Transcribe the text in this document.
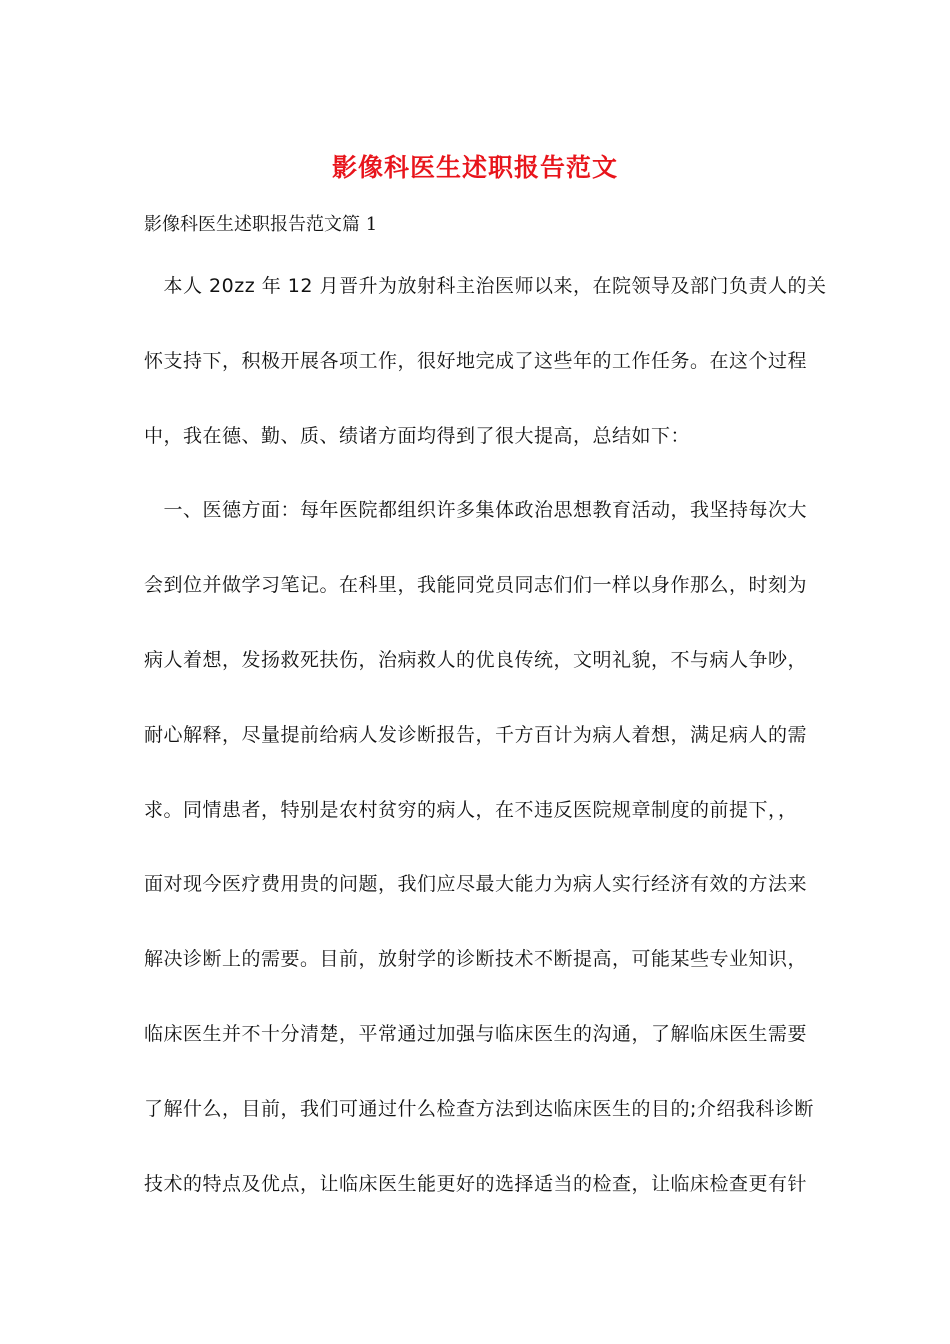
影像科医生述职报告范文
影像科医生述职报告范文篇 1
　本人 20zz 年 12 月晋升为放射科主治医师以来，在院领导及部门负责人的关
怀支持下，积极开展各项工作，很好地完成了这些年的工作任务。在这个过程
中，我在德、勤、质、绩诸方面均得到了很大提高，总结如下：
　一、医德方面：每年医院都组织许多集体政治思想教育活动，我坚持每次大
会到位并做学习笔记。在科里，我能同党员同志们们一样以身作那么，时刻为
病人着想，发扬救死扶伤，治病救人的优良传统，文明礼貌，不与病人争吵，
耐心解释，尽量提前给病人发诊断报告，千方百计为病人着想，满足病人的需
求。同情患者，特别是农村贫穷的病人，在不违反医院规章制度的前提下，，
面对现今医疗费用贵的问题，我们应尽最大能力为病人实行经济有效的方法来
解决诊断上的需要。目前，放射学的诊断技术不断提高，可能某些专业知识，
临床医生并不十分清楚，平常通过加强与临床医生的沟通，了解临床医生需要
了解什么，目前，我们可通过什么检查方法到达临床医生的目的;介绍我科诊断
技术的特点及优点，让临床医生能更好的选择适当的检查，让临床检查更有针
